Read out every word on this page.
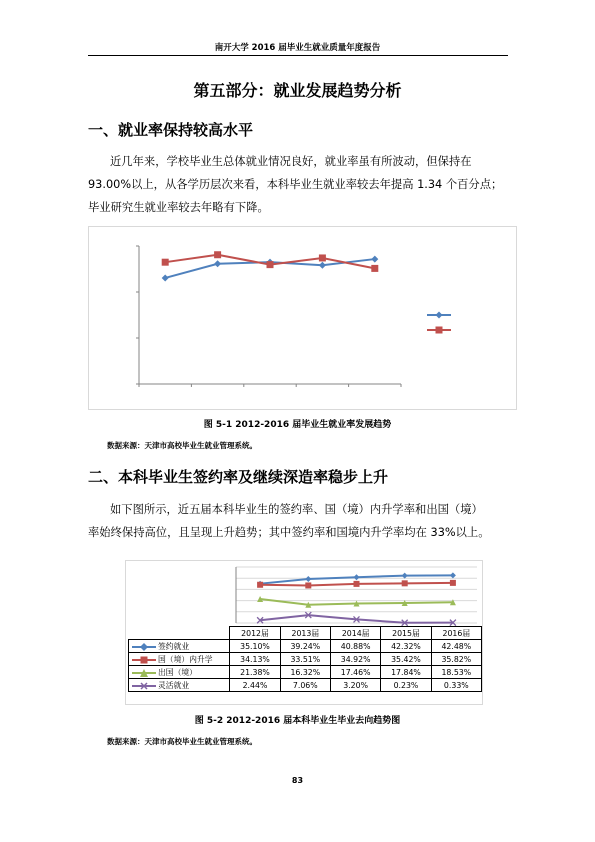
南开大学 2016 届毕业生就业质量年度报告
第五部分：就业发展趋势分析
一、就业率保持较高水平

近几年来，学校毕业生总体就业情况良好，就业率虽有所波动，但保持在

93.00%以上，从各学历层次来看，本科毕业生就业率较去年提高 1.34 个百分点；

毕业研究生就业率较去年略有下降。

图 5-1 2012-2016 届毕业生就业率发展趋势
数据来源：天津市高校毕业生就业管理系统。
二、本科毕业生签约率及继续深造率稳步上升

如下图所示，近五届本科毕业生的签约率、国（境）内升学率和出国（境）

率始终保持高位，且呈现上升趋势；其中签约率和国境内升学率均在 33%以上。

	2012届	2013届	2014届	2015届	2016届

签约就业	35.10%	39.24%	40.88%	42.32%	42.48%

国（境）内升学	34.13%	33.51%	34.92%	35.42%	35.82%

出国（境）	21.38%	16.32%	17.46%	17.84%	18.53%

灵活就业	2.44%	7.06%	3.20%	0.23%	0.33%
图 5-2 2012-2016 届本科毕业生毕业去向趋势图
数据来源：天津市高校毕业生就业管理系统。
83
